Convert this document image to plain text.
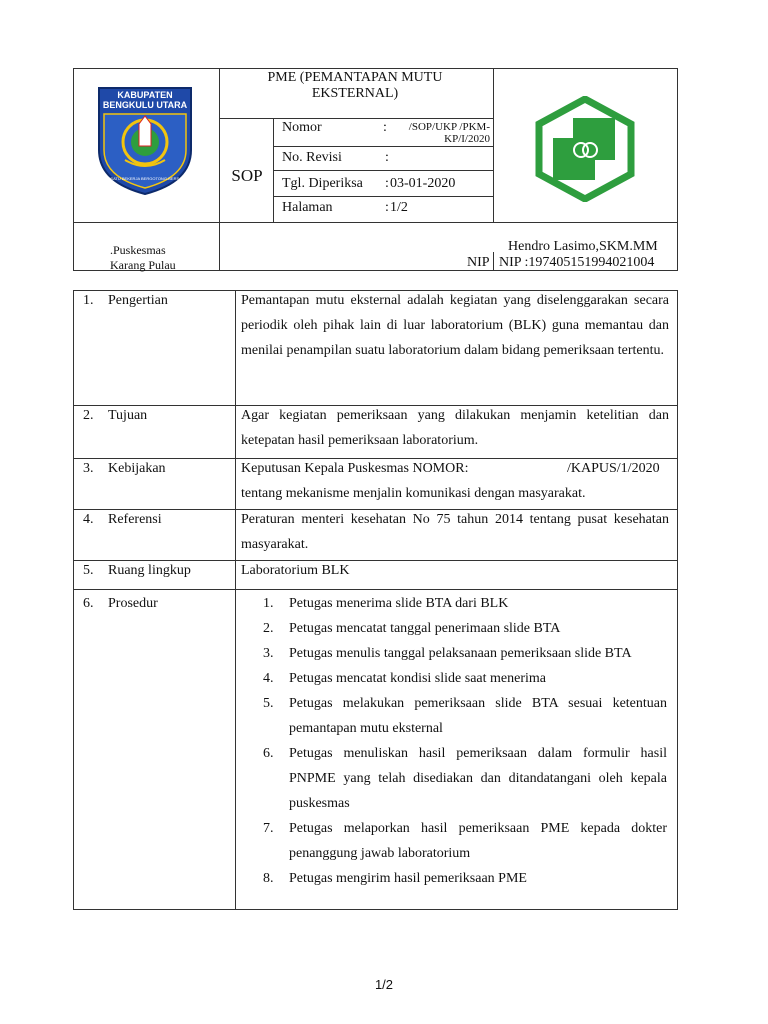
KABUPATEN
BENGKULU UTARA
BERSATU BEKERJA BERGOTONG-BERSAMA
PME (PEMANTAPAN MUTU EKSTERNAL)
SOP
Nomor	:	/SOP/UKP /PKM-KP/I/2020
No. Revisi	:
Tgl. Diperiksa : 03-01-2020
Halaman	: 1/2
.Puskesmas
Karang Pulau	NIP
Hendro Lasimo,SKM.MM
NIP :197405151994021004
1. Pengertian	Pemantapan mutu eksternal adalah kegiatan yang diselenggarakan secara periodik oleh pihak lain di luar laboratorium (BLK) guna memantau dan menilai penampilan suatu laboratorium dalam bidang pemeriksaan tertentu.
2. Tujuan	Agar kegiatan pemeriksaan yang dilakukan menjamin ketelitian dan ketepatan hasil pemeriksaan laboratorium.
3. Kebijakan	Keputusan Kepala Puskesmas NOMOR:	/KAPUS/1/2020
tentang mekanisme menjalin komunikasi dengan masyarakat.
4. Referensi	Peraturan menteri kesehatan No 75 tahun 2014 tentang pusat kesehatan masyarakat.
5. Ruang lingkup	Laboratorium BLK
6. Prosedur	1.	Petugas menerima slide BTA dari BLK
2.	Petugas mencatat tanggal penerimaan slide BTA
3.	Petugas menulis tanggal pelaksanaan pemeriksaan slide BTA
4.	Petugas mencatat kondisi slide saat menerima
5.	Petugas melakukan pemeriksaan slide BTA sesuai ketentuan pemantapan mutu eksternal
6.	Petugas menuliskan hasil pemeriksaan dalam formulir hasil PNPME yang telah disediakan dan ditandatangani oleh kepala puskesmas
7.	Petugas melaporkan hasil pemeriksaan PME kepada dokter penanggung jawab laboratorium
8.	Petugas mengirim hasil pemeriksaan PME
1/2
